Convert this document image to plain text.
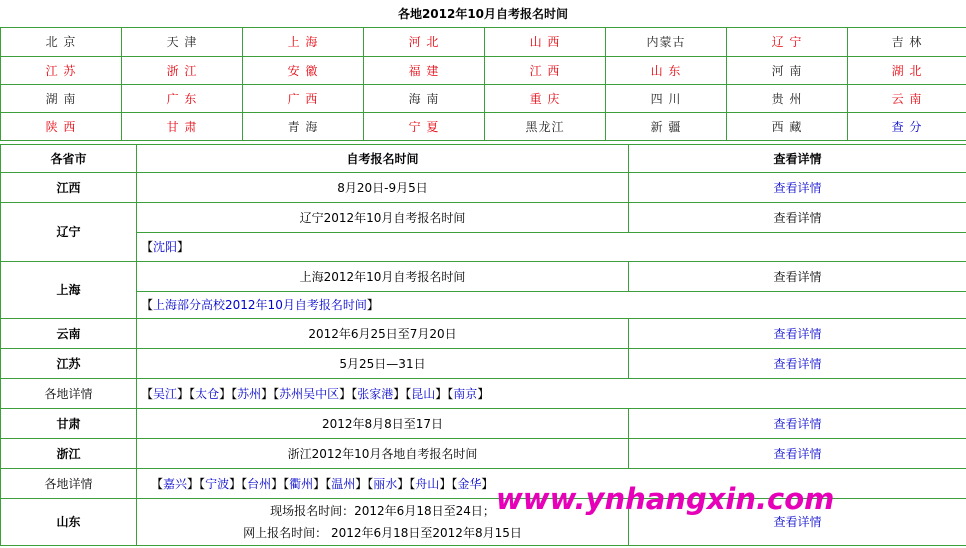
各地2012年10月自考报名时间
北 京	天 津	上 海	河 北	山 西	内蒙古	辽 宁	吉 林
江 苏	浙 江	安 徽	福 建	江 西	山 东	河 南	湖 北
湖 南	广 东	广 西	海 南	重 庆	四 川	贵 州	云 南
陕 西	甘 肃	青 海	宁 夏	黑龙江	新 疆	西 藏	查 分
各省市	自考报名时间	查看详情
江西	8月20日-9月5日	查看详情
辽宁	辽宁2012年10月自考报名时间	查看详情
	【沈阳】	
上海	上海2012年10月自考报名时间	查看详情
	【上海部分高校2012年10月自考报名时间】	
云南	2012年6月25日至7月20日	查看详情
江苏	5月25日—31日	查看详情
各地详情	【吴江】【太仓】【苏州】【苏州吴中区】【张家港】【昆山】【南京】	
甘肃	2012年8月8日至17日	查看详情
浙江	浙江2012年10月各地自考报名时间	查看详情
各地详情	【嘉兴】【宁波】【台州】【衢州】【温州】【丽水】【舟山】【金华】	
山东	现场报名时间：2012年6月18日至24日；
网上报名时间： 2012年6月18日至2012年8月15日	查看详情
www.ynhangxin.com
